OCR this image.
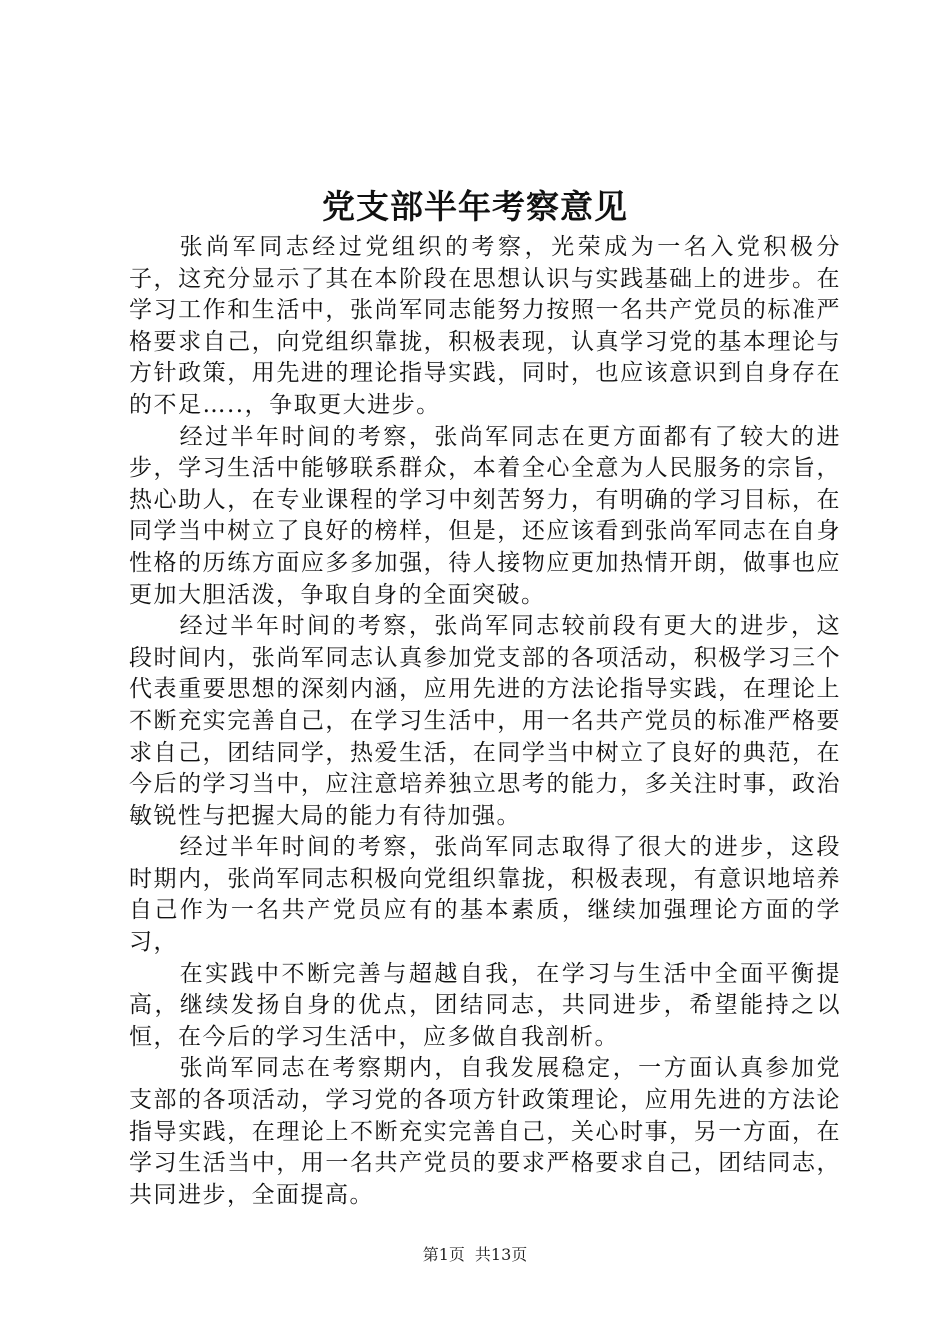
党支部半年考察意见

张尚军同志经过党组织的考察，光荣成为一名入党积极分子，这充分显示了其在本阶段在思想认识与实践基础上的进步。在学习工作和生活中，张尚军同志能努力按照一名共产党员的标准严格要求自己，向党组织靠拢，积极表现，认真学习党的基本理论与方针政策，用先进的理论指导实践，同时，也应该意识到自身存在的不足…..，争取更大进步。

经过半年时间的考察，张尚军同志在更方面都有了较大的进步，学习生活中能够联系群众，本着全心全意为人民服务的宗旨，热心助人，在专业课程的学习中刻苦努力，有明确的学习目标，在同学当中树立了良好的榜样，但是，还应该看到张尚军同志在自身性格的历练方面应多多加强，待人接物应更加热情开朗，做事也应更加大胆活泼，争取自身的全面突破。

经过半年时间的考察，张尚军同志较前段有更大的进步，这段时间内，张尚军同志认真参加党支部的各项活动，积极学习三个代表重要思想的深刻内涵，应用先进的方法论指导实践，在理论上不断充实完善自己，在学习生活中，用一名共产党员的标准严格要求自己，团结同学，热爱生活，在同学当中树立了良好的典范，在今后的学习当中，应注意培养独立思考的能力，多关注时事，政治敏锐性与把握大局的能力有待加强。

经过半年时间的考察，张尚军同志取得了很大的进步，这段时期内，张尚军同志积极向党组织靠拢，积极表现，有意识地培养自己作为一名共产党员应有的基本素质，继续加强理论方面的学习，

在实践中不断完善与超越自我，在学习与生活中全面平衡提高，继续发扬自身的优点，团结同志，共同进步，希望能持之以恒，在今后的学习生活中，应多做自我剖析。

张尚军同志在考察期内，自我发展稳定，一方面认真参加党支部的各项活动，学习党的各项方针政策理论，应用先进的方法论指导实践，在理论上不断充实完善自己，关心时事，另一方面，在学习生活当中，用一名共产党员的要求严格要求自己，团结同志，共同进步，全面提高。

第1页 共13页
